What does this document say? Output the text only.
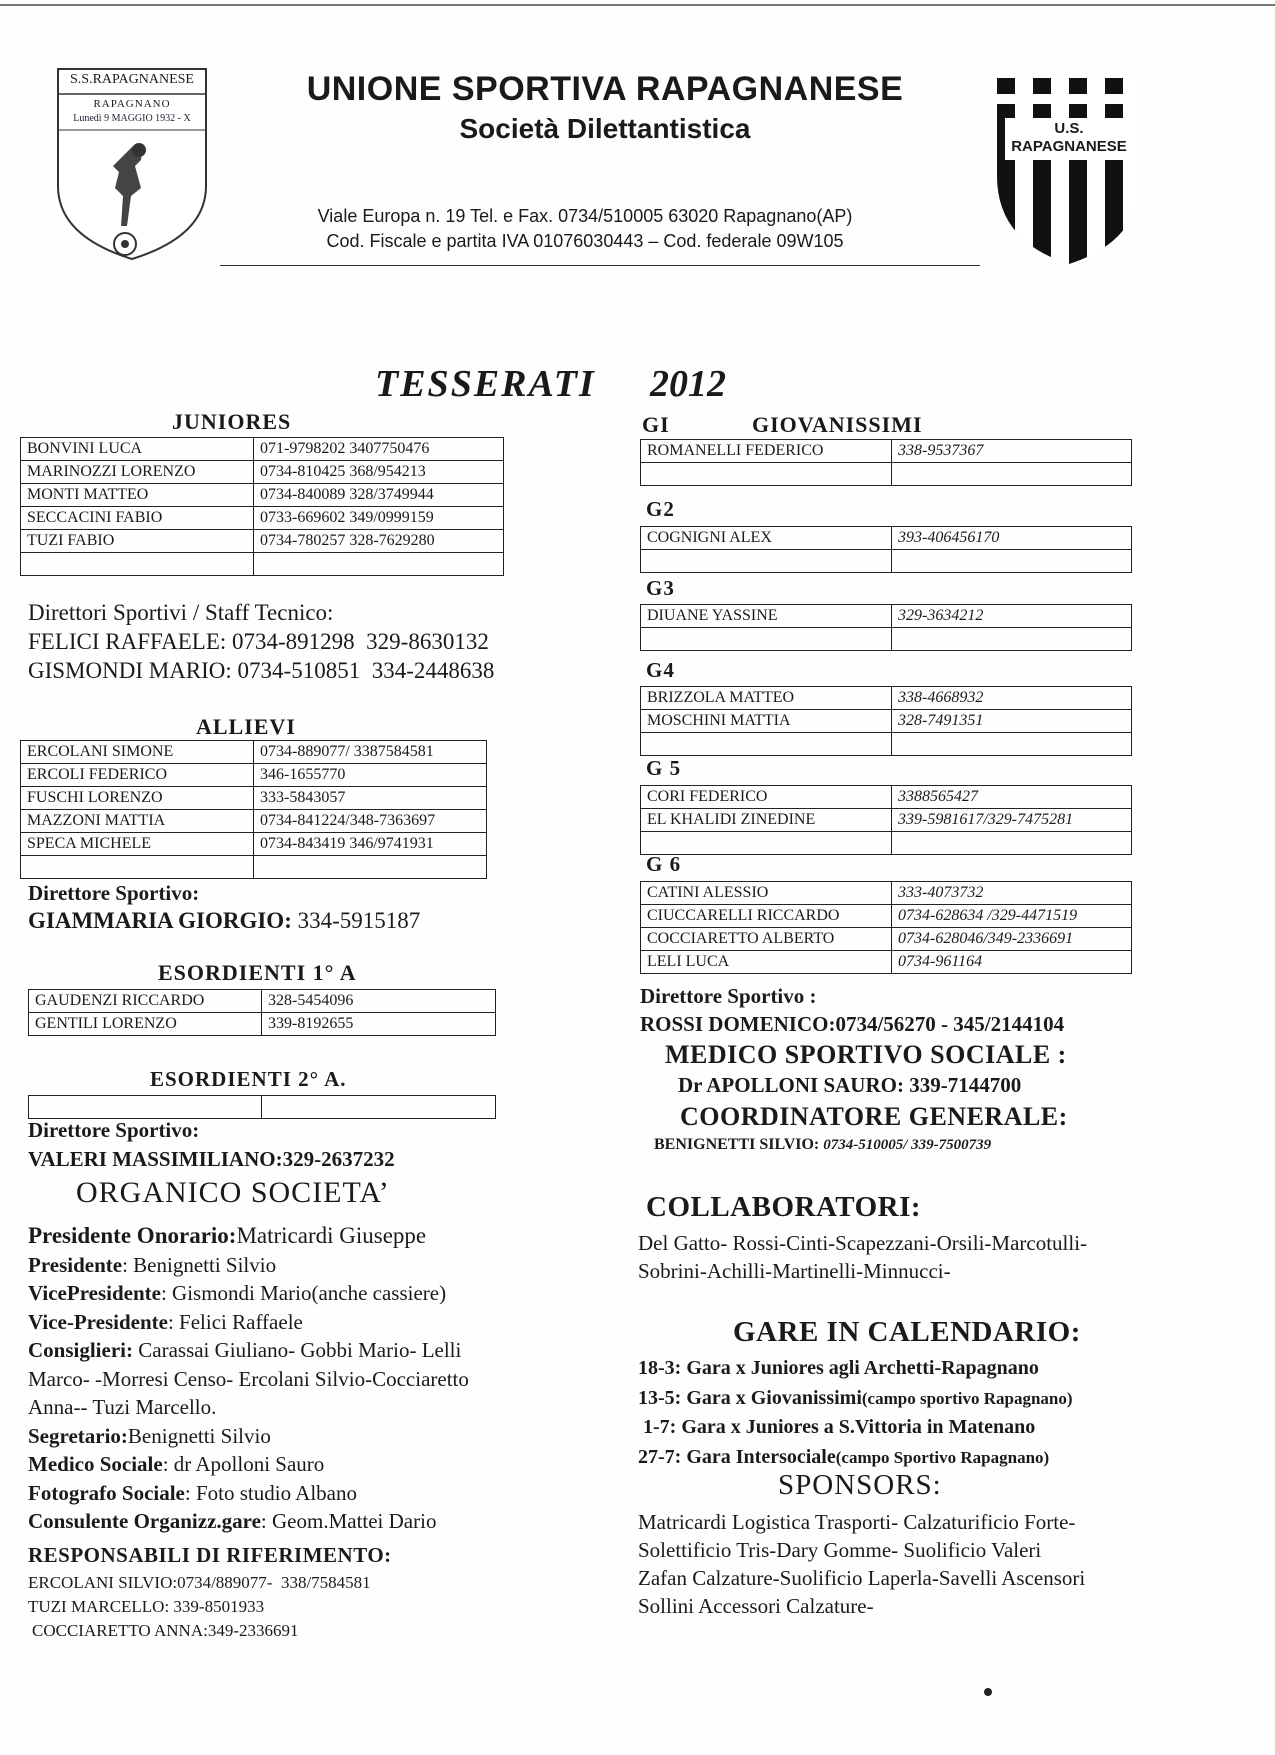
S.S.RAPAGNANESE
RAPAGNANO
Lunedì 9 MAGGIO 1932 - X
UNIONE SPORTIVA RAPAGNANESE
Società Dilettantistica
Viale Europa n. 19 Tel. e Fax. 0734/510005 63020 Rapagnano(AP)
Cod. Fiscale e partita IVA 01076030443 – Cod. federale 09W105
U.S. RAPAGNANESE
TESSERATI 2012
JUNIORES
BONVINI LUCA	071-9798202 3407750476
MARINOZZI LORENZO	0734-810425 368/954213
MONTI MATTEO	0734-840089 328/3749944
SECCACINI FABIO	0733-669602 349/0999159
TUZI FABIO	0734-780257 328-7629280

Direttori Sportivi / Staff Tecnico:
FELICI RAFFAELE: 0734-891298  329-8630132
GISMONDI MARIO: 0734-510851  334-2448638
ALLIEVI
ERCOLANI SIMONE	0734-889077/ 3387584581
ERCOLI FEDERICO	346-1655770
FUSCHI LORENZO	333-5843057
MAZZONI MATTIA	0734-841224/348-7363697
SPECA MICHELE	0734-843419 346/9741931

Direttore Sportivo:
GIAMMARIA GIORGIO: 334-5915187
ESORDIENTI 1° A
GAUDENZI RICCARDO	328-5454096
GENTILI LORENZO	339-8192655
ESORDIENTI 2° A.

Direttore Sportivo:
VALERI MASSIMILIANO:329-2637232
ORGANICO SOCIETA’
Presidente Onorario:Matricardi Giuseppe
Presidente: Benignetti Silvio
VicePresidente: Gismondi Mario(anche cassiere)
Vice-Presidente: Felici Raffaele
Consiglieri: Carassai Giuliano- Gobbi Mario- Lelli
Marco- -Morresi Censo- Ercolani Silvio-Cocciaretto
Anna-- Tuzi Marcello.
Segretario:Benignetti Silvio
Medico Sociale: dr Apolloni Sauro
Fotografo Sociale: Foto studio Albano
Consulente Organizz.gare: Geom.Mattei Dario
RESPONSABILI DI RIFERIMENTO:
ERCOLANI SILVIO:0734/889077-  338/7584581
TUZI MARCELLO: 339-8501933
COCCIARETTO ANNA:349-2336691
GI	GIOVANISSIMI
ROMANELLI FEDERICO	338-9537367

G2
COGNIGNI ALEX	393-406456170

G3
DIUANE YASSINE	329-3634212

G4
BRIZZOLA MATTEO	338-4668932
MOSCHINI MATTIA	328-7491351

G 5
CORI FEDERICO	3388565427
EL KHALIDI ZINEDINE	339-5981617/329-7475281

G 6
CATINI ALESSIO	333-4073732
CIUCCARELLI RICCARDO	0734-628634 /329-4471519
COCCIARETTO ALBERTO	0734-628046/349-2336691
LELI LUCA	0734-961164
Direttore Sportivo :
ROSSI DOMENICO:0734/56270 - 345/2144104
MEDICO SPORTIVO SOCIALE :
Dr APOLLONI SAURO: 339-7144700
COORDINATORE GENERALE:
BENIGNETTI SILVIO: 0734-510005/ 339-7500739
COLLABORATORI:
Del Gatto- Rossi-Cinti-Scapezzani-Orsili-Marcotulli-
Sobrini-Achilli-Martinelli-Minnucci-
GARE IN CALENDARIO:
18-3: Gara x Juniores agli Archetti-Rapagnano
13-5: Gara x Giovanissimi(campo sportivo Rapagnano)
1-7: Gara x Juniores a S.Vittoria in Matenano
27-7: Gara Intersociale(campo Sportivo Rapagnano)
SPONSORS:
Matricardi Logistica Trasporti- Calzaturificio Forte-
Solettificio Tris-Dary Gomme- Suolificio Valeri
Zafan Calzature-Suolificio Laperla-Savelli Ascensori
Sollini Accessori Calzature-
